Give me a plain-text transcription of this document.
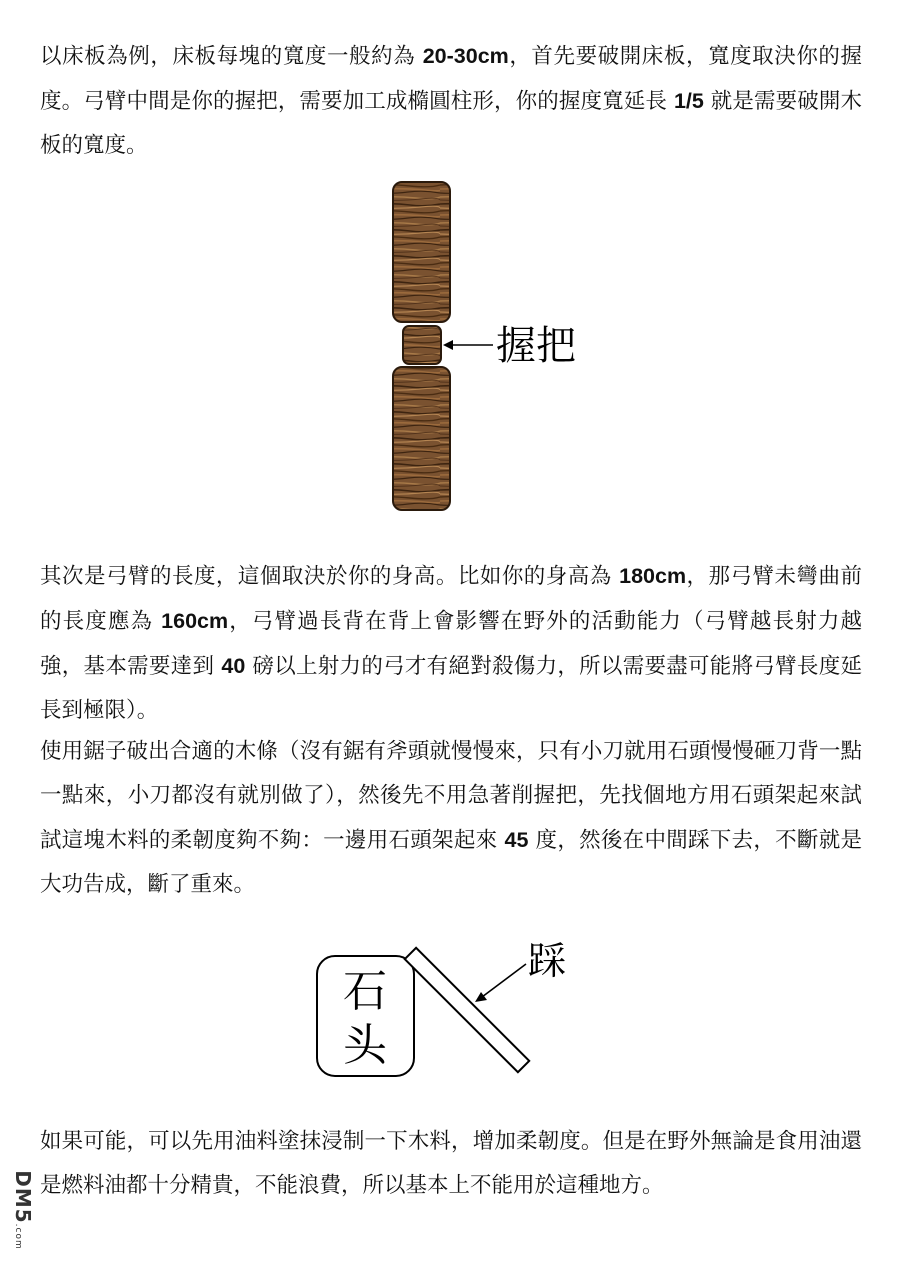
以床板為例，床板每塊的寬度一般約為 20-30cm，首先要破開床板，寬度取決你的握度。弓臂中間是你的握把，需要加工成橢圓柱形，你的握度寬延長 1/5 就是需要破開木板的寬度。

握把

其次是弓臂的長度，這個取決於你的身高。比如你的身高為 180cm，那弓臂未彎曲前的長度應為 160cm，弓臂過長背在背上會影響在野外的活動能力（弓臂越長射力越強，基本需要達到 40 磅以上射力的弓才有絕對殺傷力，所以需要盡可能將弓臂長度延長到極限）。

使用鋸子破出合適的木條（沒有鋸有斧頭就慢慢來，只有小刀就用石頭慢慢砸刀背一點一點來，小刀都沒有就別做了），然後先不用急著削握把，先找個地方用石頭架起來試試這塊木料的柔韌度夠不夠：一邊用石頭架起來 45 度，然後在中間踩下去，不斷就是大功告成，斷了重來。

石
头
踩

如果可能，可以先用油料塗抹浸制一下木料，增加柔韌度。但是在野外無論是食用油還是燃料油都十分精貴，不能浪費，所以基本上不能用於這種地方。

DM5.com
